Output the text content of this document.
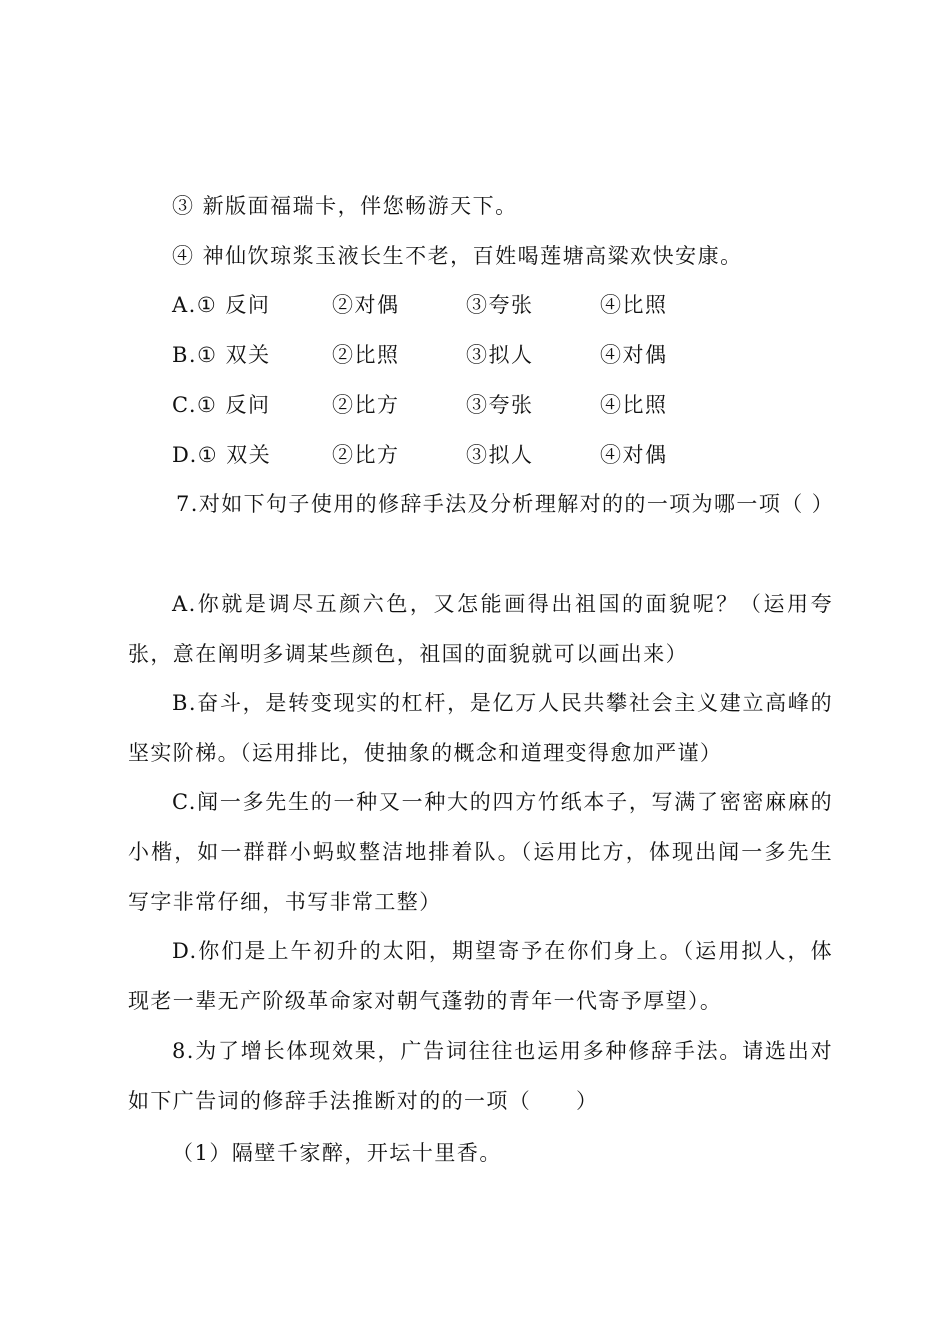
③ 新版面福瑞卡，伴您畅游天下。
④ 神仙饮琼浆玉液长生不老，百姓喝莲塘高粱欢快安康。
A.① 反问	②对偶	③夸张	④比照
B.① 双关	②比照	③拟人	④对偶
C.① 反问	②比方	③夸张	④比照
D.① 双关	②比方	③拟人	④对偶
7.对如下句子使用的修辞手法及分析理解对的的一项为哪一项（ ）
A.你就是调尽五颜六色，又怎能画得出祖国的面貌呢？（运用夸张，意在阐明多调某些颜色，祖国的面貌就可以画出来）
B.奋斗，是转变现实的杠杆，是亿万人民共攀社会主义建立高峰的坚实阶梯。（运用排比，使抽象的概念和道理变得愈加严谨）
C.闻一多先生的一种又一种大的四方竹纸本子，写满了密密麻麻的小楷，如一群群小蚂蚁整洁地排着队。（运用比方，体现出闻一多先生写字非常仔细，书写非常工整）
D.你们是上午初升的太阳，期望寄予在你们身上。（运用拟人，体现老一辈无产阶级革命家对朝气蓬勃的青年一代寄予厚望）。
8.为了增长体现效果，广告词往往也运用多种修辞手法。请选出对如下广告词的修辞手法推断对的的一项（　　）
（1）隔壁千家醉，开坛十里香。
